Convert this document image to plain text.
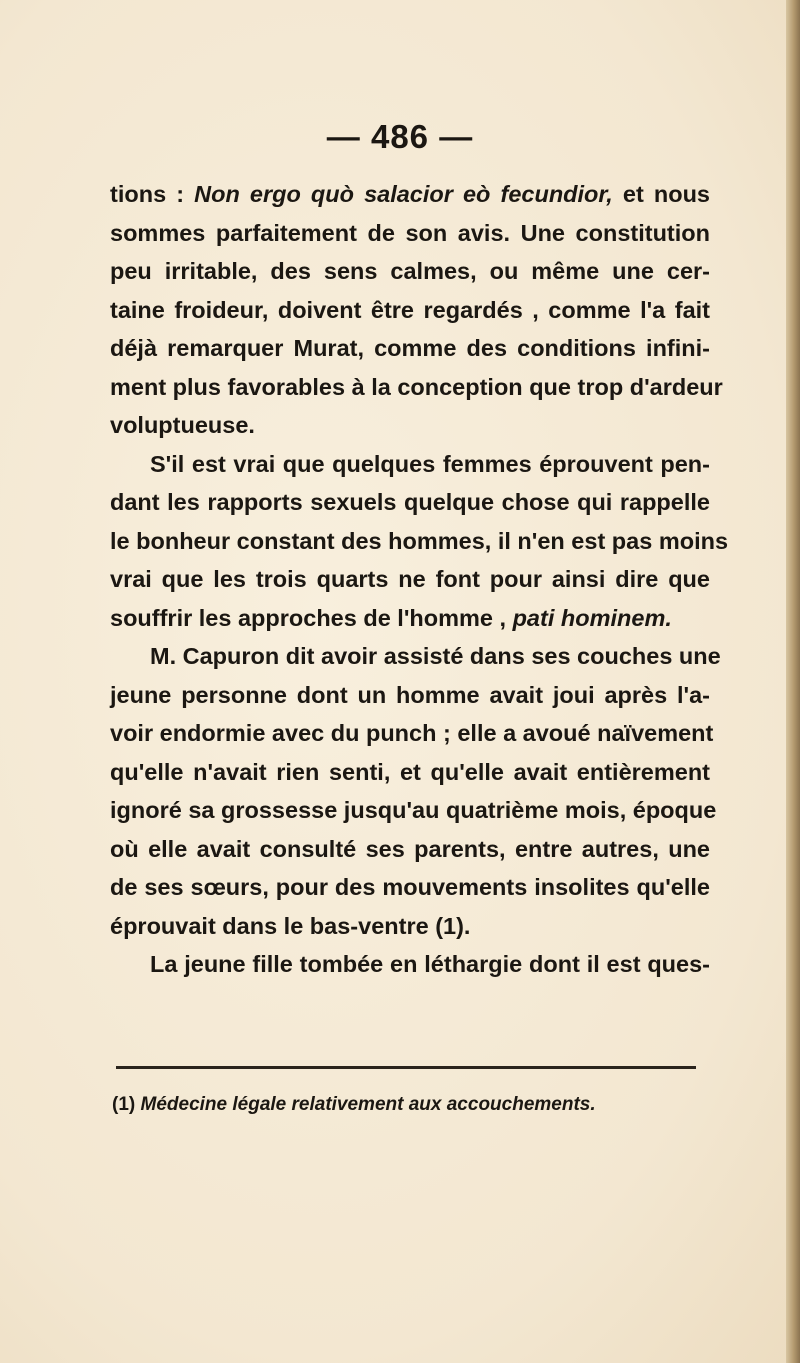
— 486 —
tions : Non ergo quò salacior eò fecundior, et nous
sommes parfaitement de son avis. Une constitution
peu irritable, des sens calmes, ou même une cer-
taine froideur, doivent être regardés , comme l'a fait
déjà remarquer Murat, comme des conditions infini-
ment plus favorables à la conception que trop d'ardeur
voluptueuse.
S'il est vrai que quelques femmes éprouvent pen-
dant les rapports sexuels quelque chose qui rappelle
le bonheur constant des hommes, il n'en est pas moins
vrai que les trois quarts ne font pour ainsi dire que
souffrir les approches de l'homme , pati hominem.
M. Capuron dit avoir assisté dans ses couches une
jeune personne dont un homme avait joui après l'a-
voir endormie avec du punch ; elle a avoué naïvement
qu'elle n'avait rien senti, et qu'elle avait entièrement
ignoré sa grossesse jusqu'au quatrième mois, époque
où elle avait consulté ses parents, entre autres, une
de ses sœurs, pour des mouvements insolites qu'elle
éprouvait dans le bas-ventre (1).
La jeune fille tombée en léthargie dont il est ques-
(1) Médecine légale relativement aux accouchements.
